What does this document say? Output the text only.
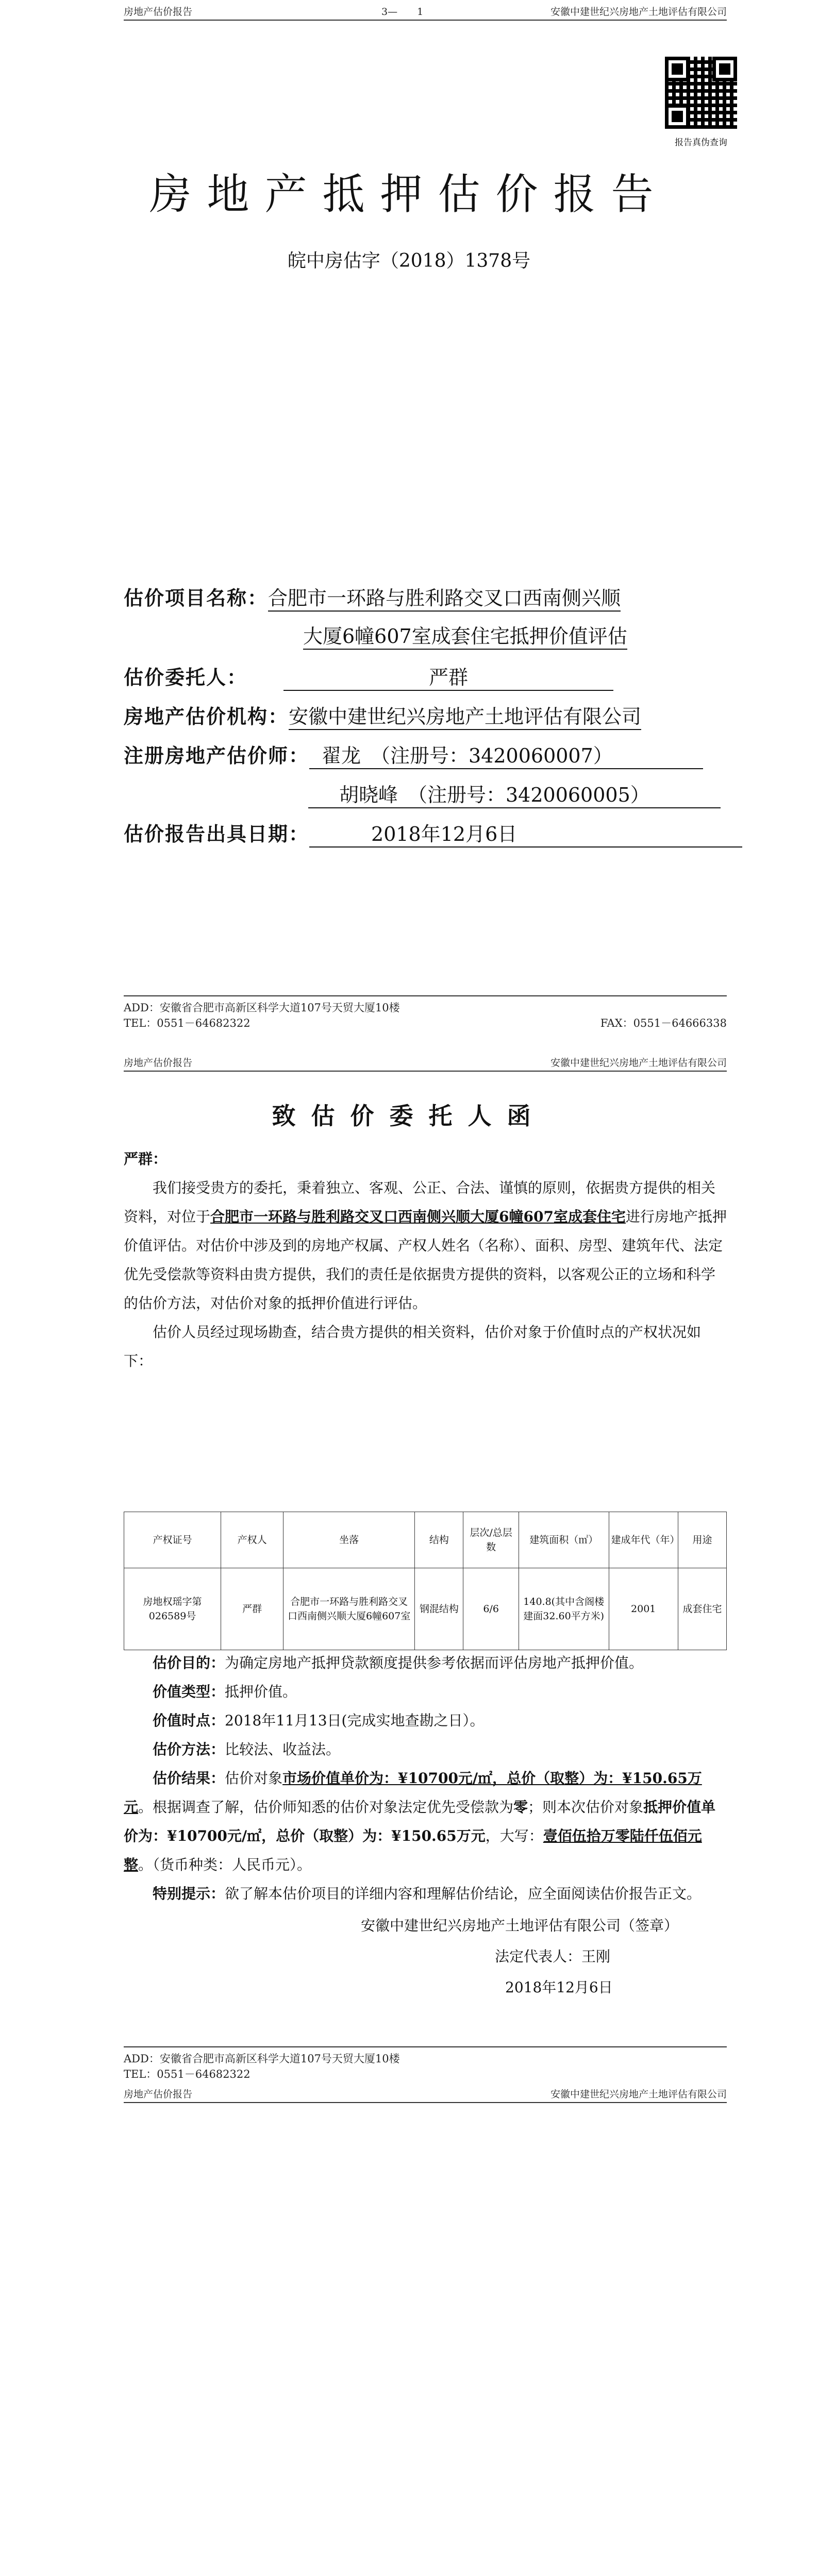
房地产估价报告	3—　　1	安徽中建世纪兴房地产土地评估有限公司
报告真伪查询
房地产抵押估价报告
皖中房估字（2018）1378号
估价项目名称：合肥市一环路与胜利路交叉口西南侧兴顺
大厦6幢607室成套住宅抵押价值评估
估价委托人：	严群
房地产估价机构：安徽中建世纪兴房地产土地评估有限公司
注册房地产估价师： 翟龙　（注册号：3420060007）
胡晓峰　（注册号：3420060005）
估价报告出具日期：	2018年12月6日
ADD：安徽省合肥市高新区科学大道107号天贸大厦10楼
TEL：0551－64682322	FAX：0551－64666338
房地产估价报告	安徽中建世纪兴房地产土地评估有限公司
致估价委托人函

严群：

我们接受贵方的委托，秉着独立、客观、公正、合法、谨慎的原则，依据贵方提供的相关资料，对位于合肥市一环路与胜利路交叉口西南侧兴顺大厦6幢607室成套住宅进行房地产抵押价值评估。对估价中涉及到的房地产权属、产权人姓名（名称）、面积、房型、建筑年代、法定优先受偿款等资料由贵方提供，我们的责任是依据贵方提供的资料，以客观公正的立场和科学的估价方法，对估价对象的抵押价值进行评估。

估价人员经过现场勘查，结合贵方提供的相关资料，估价对象于价值时点的产权状况如下：

产权证号	产权人	坐落	结构	层次/总层数	建筑面积（㎡）	建成年代（年）	用途
房地权瑶字第026589号	严群	合肥市一环路与胜利路交叉口西南侧兴顺大厦6幢607室	钢混结构	6/6	140.8(其中含阁楼建面32.60平方米)	2001	成套住宅

估价目的：为确定房地产抵押贷款额度提供参考依据而评估房地产抵押价值。

价值类型：抵押价值。

价值时点：2018年11月13日(完成实地查勘之日）。

估价方法：比较法、收益法。

估价结果：估价对象市场价值单价为：¥10700元/㎡，总价（取整）为：¥150.65万元。根据调查了解，估价师知悉的估价对象法定优先受偿款为零；则本次估价对象抵押价值单价为：¥10700元/㎡，总价（取整）为：¥150.65万元，大写：壹佰伍拾万零陆仟伍佰元整。（货币种类：人民币元）。

特别提示：欲了解本估价项目的详细内容和理解估价结论，应全面阅读估价报告正文。

安徽中建世纪兴房地产土地评估有限公司（签章）
法定代表人：王刚
2018年12月6日
ADD：安徽省合肥市高新区科学大道107号天贸大厦10楼
TEL：0551－64682322
房地产估价报告	安徽中建世纪兴房地产土地评估有限公司
